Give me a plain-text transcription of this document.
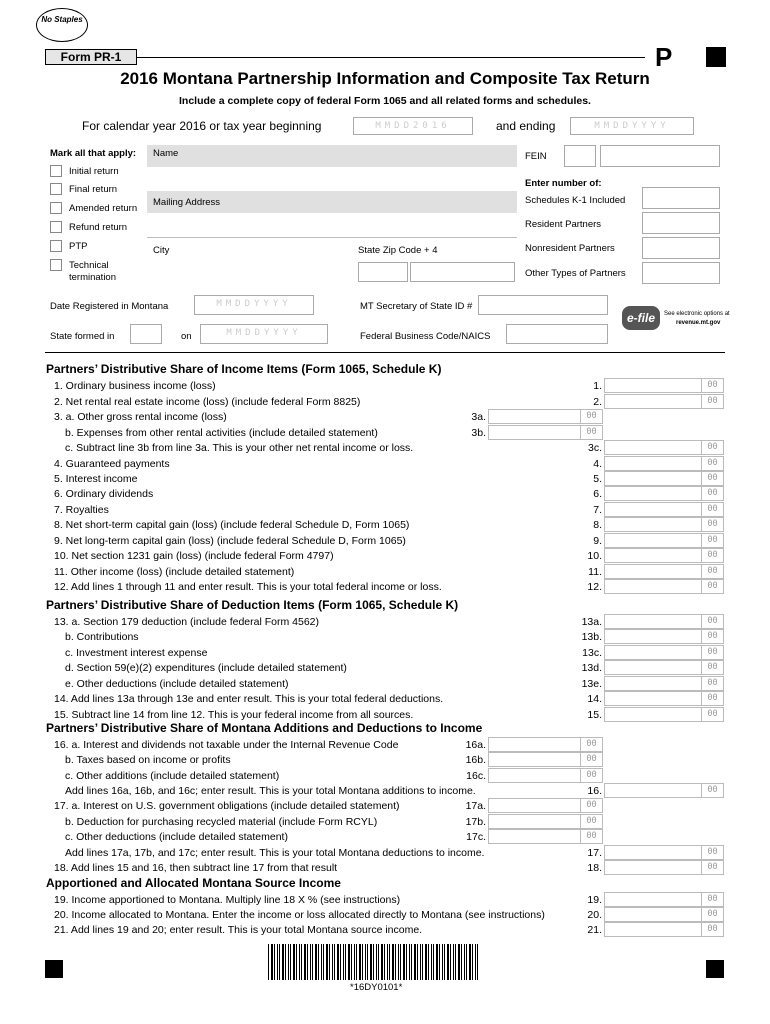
No Staples
Form PR-1	P
2016 Montana Partnership Information and Composite Tax Return
Include a complete copy of federal Form 1065 and all related forms and schedules.
For calendar year 2016 or tax year beginning	MMDD2016	and ending	MMDDYYYY
Mark all that apply:
Initial return
Final return
Amended return
Refund return
PTP
Technical termination
Name
Mailing Address
City	State Zip Code + 4
FEIN
Enter number of:
Schedules K-1 Included
Resident Partners
Nonresident Partners
Other Types of Partners
Date Registered in Montana	MMDDYYYY	MT Secretary of State ID #
State formed in	on	MMDDYYYY	Federal Business Code/NAICS
e-file	See electronic options at
revenue.mt.gov
Partners’ Distributive Share of Income Items (Form 1065, Schedule K)
Partners’ Distributive Share of Deduction Items (Form 1065, Schedule K)
Partners’ Distributive Share of Montana Additions and Deductions to Income
Apportioned and Allocated Montana Source Income
1. Ordinary business income (loss)	1.	00
2. Net rental real estate income (loss) (include federal Form 8825)	2.	00
3. a. Other gross rental income (loss)	3a.	00
b. Expenses from other rental activities (include detailed statement)	3b.	00
c. Subtract line 3b from line 3a. This is your other net rental income or loss.	3c.	00
4. Guaranteed payments	4.	00
5. Interest income	5.	00
6. Ordinary dividends	6.	00
7. Royalties	7.	00
8. Net short-term capital gain (loss) (include federal Schedule D, Form 1065)	8.	00
9. Net long-term capital gain (loss) (include federal Schedule D, Form 1065)	9.	00
10. Net section 1231 gain (loss) (include federal Form 4797)	10.	00
11. Other income (loss) (include detailed statement)	11.	00
12. Add lines 1 through 11 and enter result. This is your total federal income or loss.	12.	00
13. a. Section 179 deduction (include federal Form 4562)	13a.	00
b. Contributions	13b.	00
c. Investment interest expense	13c.	00
d. Section 59(e)(2) expenditures (include detailed statement)	13d.	00
e. Other deductions (include detailed statement)	13e.	00
14. Add lines 13a through 13e and enter result. This is your total federal deductions.	14.	00
15. Subtract line 14 from line 12. This is your federal income from all sources.	15.	00
16. a. Interest and dividends not taxable under the Internal Revenue Code	16a.	00
b. Taxes based on income or profits	16b.	00
c. Other additions (include detailed statement)	16c.	00
Add lines 16a, 16b, and 16c; enter result. This is your total Montana additions to income.	16.	00
17. a. Interest on U.S. government obligations (include detailed statement)	17a.	00
b. Deduction for purchasing recycled material (include Form RCYL)	17b.	00
c. Other deductions (include detailed statement)	17c.	00
Add lines 17a, 17b, and 17c; enter result. This is your total Montana deductions to income.	17.	00
18. Add lines 15 and 16, then subtract line 17 from that result	18.	00
19. Income apportioned to Montana. Multiply line 18 X % (see instructions)	19.	00
20. Income allocated to Montana. Enter the income or loss allocated directly to Montana (see instructions)	20.	00
21. Add lines 19 and 20; enter result. This is your total Montana source income.	21.	00
*16DY0101*
